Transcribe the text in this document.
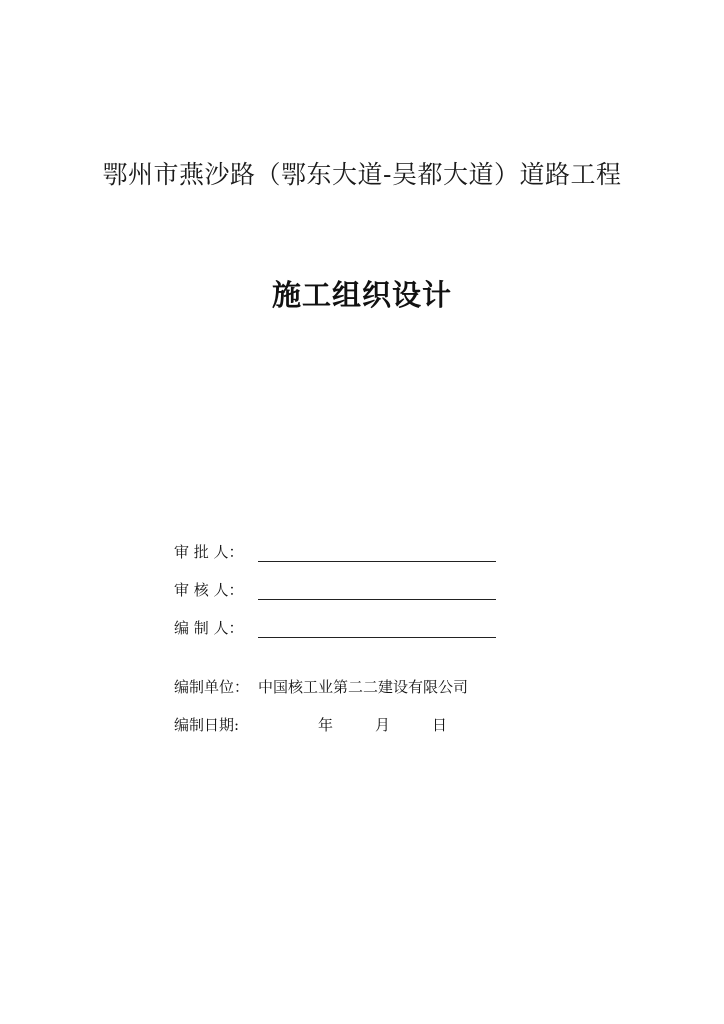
鄂州市燕沙路（鄂东大道-吴都大道）道路工程
施工组织设计
审 批 人：
审 核 人：
编 制 人：
编制单位： 中国核工业第二二建设有限公司
编制日期:	年	月	日
